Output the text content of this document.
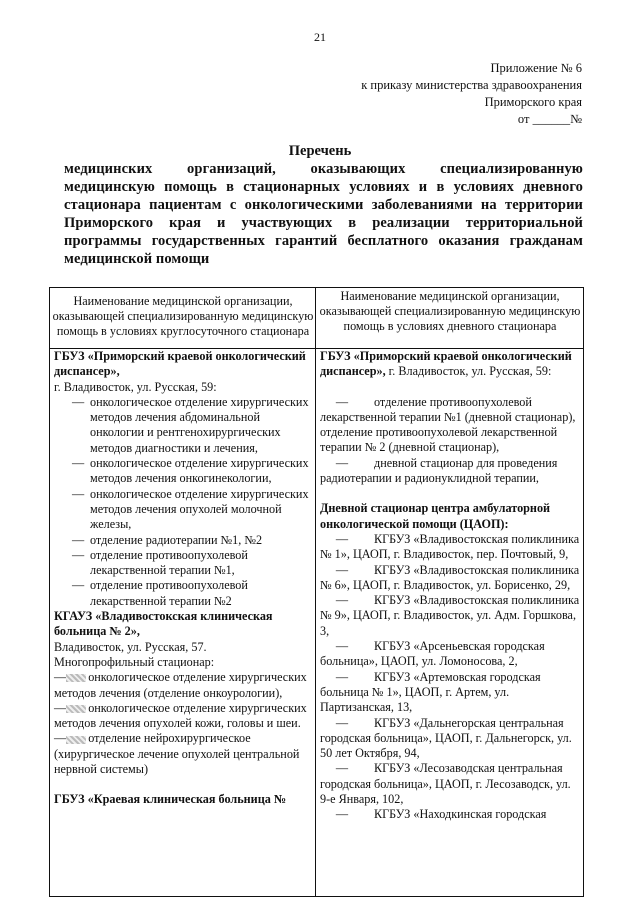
21
Приложение № 6
к приказу министерства здравоохранения
Приморского края
от ______№
Перечень
медицинских организаций, оказывающих специализированную медицинскую помощь в стационарных условиях и в условиях дневного стационара пациентам с онкологическими заболеваниями на территории Приморского края и участвующих в реализации территориальной программы государственных гарантий бесплатного оказания гражданам медицинской помощи
Наименование медицинской организации, оказывающей специализированную медицинскую помощь в условиях круглосуточного стационара
Наименование медицинской организации, оказывающей специализированную медицинскую помощь в условиях дневного стационара
ГБУЗ «Приморский краевой онкологический диспансер»,
г. Владивосток, ул. Русская, 59:
— онкологическое отделение хирургических методов лечения абдоминальной онкологии и рентгенохирургических методов диагностики и лечения,
— онкологическое отделение хирургических методов лечения онкогинекологии,
— онкологическое отделение хирургических методов лечения опухолей молочной железы,
— отделение радиотерапии №1, №2
— отделение противоопухолевой лекарственной терапии №1,
— отделение противоопухолевой лекарственной терапии №2
КГАУЗ «Владивостокская клиническая больница № 2»,
Владивосток, ул. Русская, 57.
Многопрофильный стационар:
— онкологическое отделение хирургических методов лечения (отделение онкоурологии),
— онкологическое отделение хирургических методов лечения опухолей кожи, головы и шеи.
— отделение нейрохирургическое (хирургическое лечение опухолей центральной нервной системы)
ГБУЗ «Краевая клиническая больница №
ГБУЗ «Приморский краевой онкологический диспансер», г. Владивосток, ул. Русская, 59:
— отделение противоопухолевой лекарственной терапии №1 (дневной стационар), отделение противоопухолевой лекарственной терапии № 2 (дневной стационар),
— дневной стационар для проведения радиотерапии и радионуклидной терапии,
Дневной стационар центра амбулаторной онкологической помощи (ЦАОП):
— КГБУЗ «Владивостокская поликлиника № 1», ЦАОП, г. Владивосток, пер. Почтовый, 9,
— КГБУЗ «Владивостокская поликлиника № 6», ЦАОП, г. Владивосток, ул. Борисенко, 29,
— КГБУЗ «Владивостокская поликлиника № 9», ЦАОП, г. Владивосток, ул. Адм. Горшкова, 3,
— КГБУЗ «Арсеньевская городская больница», ЦАОП, ул. Ломоносова, 2,
— КГБУЗ «Артемовская городская больница № 1», ЦАОП, г. Артем, ул. Партизанская, 13,
— КГБУЗ «Дальнегорская центральная городская больница», ЦАОП, г. Дальнегорск, ул. 50 лет Октября, 94,
— КГБУЗ «Лесозаводская центральная городская больница», ЦАОП, г. Лесозаводск, ул. 9-е Января, 102,
— КГБУЗ «Находкинская городская
